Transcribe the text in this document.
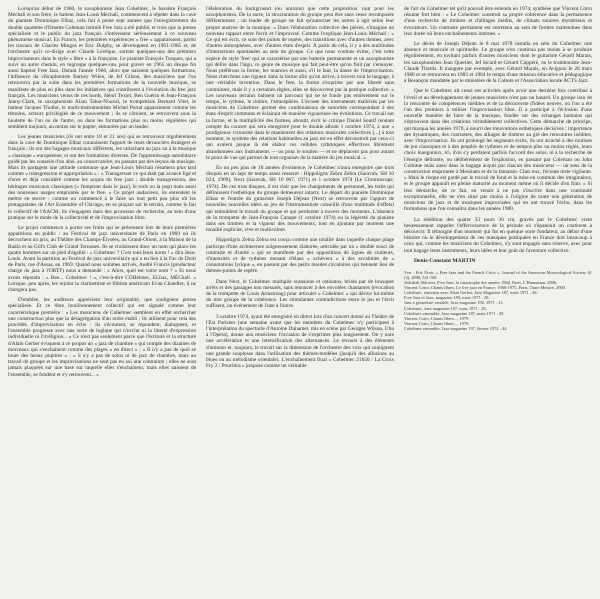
Lorsqu'au début de 1960, le saxophoniste Jean Cohelmec, le bassiste François Méchali et son frère, le batteur Jean-Louis Méchali, commencent à répéter dans la cave du pianiste Dominique Elbaz, cela fait à peine sept années que l'enregistrement du double quartette d'Ornette Coleman intitulé Free Jazz a été publié, et trois que la presse spécialisée et le public du jazz français s'intéressent sérieusement à ce nouveau phénomène musical. En France, les premières expériences « free » apparaissent, parmi les travaux de Charles Mingus et Eric Dolphy, se développent en 1961-1965 et, de l'orchestre qu'il co-dirige avec Claude Lévêque, sortent quelques-uns des premiers improvisateurs dans le style « libre » à la française. Le pianiste François Tusques, qui a suivi un autre chemin, en regroupe quelques-uns pour graver en 1965 un disque fui aussi baptisé Free Jazz. Durant l'année 1966, alors que naissent quelques formations, l'influence du vibraphoniste Barney Wilen, de Jef Gilson, des musiciens que l'on retrouvera par la suite dans les premières formations de la nouvelle musique, se manifeste de plus en plus dans les initiatives qui contribuent à l'évolution du free jazz français. Les musiciens venus de ces bords, Henri Texier, Ben Guérin et Jean-François Jenny-Clark, le saxophoniste Alain Tabar-Nouval, le trompettiste Bernard Vitet, le batteur Jacques Thollot, le multi-instrumentiste Michel Portal apparaissent comme les témoins, acteurs privilégiés de ce mouvement ; ils se côtoient, se retrouvent sous la houlette de l'un ou de l'autre, ou dans les formations plus ou moins régulières qui semblent toujours, au moins sur le papier, entourées par un leader.

Les jeunes musiciens (ils ont entre 18 et 21 ans) qui se retrouvent régulièrement dans la cave de Dominique Elbaz connaissent l'apport de leurs devanciers étrangers et français ; ils ont des bagages musicaux différents, les rattachant au jazz ou à la musique « classique » européenne, et ont des formations diverses. De l'apprentissage autodidacte guidé par les conseils d'un aîné, au conservatoire, en passant par des leçons de musique. Mais ils partagent une attitude commune que Jean-Louis Méchali résumera plus tard comme « transgression et appropriation » : « Transgresser ce qui était par avance figé et d'ores et déjà considéré comme les acquis du free jazz ; double transgression, des héritages musicaux classiques (« l'emprunt dans le jazz), le rock ou la pop) mais aussi des nouveaux usages empruntés par le free. » Ce projet audacieux, ils entendent le mettre en œuvre : comme on commencé à le faire un tout petit peu plus tôt les protagonistes de l'Art Ensemble of Chicago, en se plaçant sur le terrain, comme le fait le collectif de l'AACM, ils s'engagent dans des processus de recherche, au sein d'une pratique sur le mode de la collectivité et de l'improvisation libre.

Le projet commence à porter ses fruits qui se présentent lors de leurs premières apparitions en public : au Festival de jazz universitaire de Paris en 1969 où ils décrochent un prix, au Théâtre des Champs-Élysées, au Grand-Orient, à la Maison de la Radio et au Gill's Club de Grand Terrasses. Ils se choisissent donc un nom qui place les quatre hommes sur un pied d'égalité : « Cohelmec ? C'est tous leurs noms ! » dira Jean-Louis. Avant la partition au Festival de jazz universitaire qui a eu lieu à la Fac de Droit de Paris, rue d'Assas, en 1969. Quand nous sommes arrivés, André Francis (producteur chargé du jazz à l'ORTF) nous a demandé : « Alors, quel est votre nom ? » Et nous avons répondu : « Ben... Cohelmec ! », c'est-à-dire COHelmec, ELbaz, MÉChali. » Lorsque, peu après, les rejoint la clarinettiste et flûtiste américain Evan Chandler, il ne changera pas.

D'emblée, les auditeurs apprécient leur originalité, que soulignent presse spécialisée. Et ce libre bouillonnement collectif qui est signalé comme leur caractéristique première : « Les musiciens de Cohelmec semblent en effet rechercher une construction plus que la désagrégation d'un ordre établi ; ils utilisent pour cela des procédés d'improvisation en écho : ils s'écoutent, se répondent, dialoguent, et l'ensemble progresse avec une sorte de logique qui n'exclut ni la liberté d'expression individuelle ni l'irréligion... » Ce n'est pas seulement parce que l'écriture et la structure d'Alain Gerber évoquent à ce propos un « jazz de chambre » qui compte des dizaines de morceaux qui s'enchaînent comme des plages « en direct » ; « Il n'y a pas de quoi se louer des beaux pupitres » : « il n'y a pas de solos ni de jazz de chambre, mais un travail de groupe et les improvisations ne sont pas en soi une contrainte ; elles ne sont jamais plaquées sur une base sur laquelle elles s'enchaînent, mais elles naissent de l'ensemble, se fondent et s'y retrouvent... »

l'élaboration du background (ou unisons) que cette proposition vaut pour les saxophonistes. De la sorte, la structuration du groupe peut être sans cesse recomposée différemment ; un leader de groupe ne fait qu'autoriser les autres à agir selon leur propre analyse de la musique. « Dans l'élaboration collective des pièces, s'imagine un nouveau rapport entre l'écrit et l'improvisé. Comme l'explique Jean-Louis Méchali : « Ce qui est écrit, ce sont des points de repère, des transitions avec d'autres thèmes, avec d'autres atmosphères, avec d'autres états d'esprit. À partir de cela, il y a des multitudes d'interactions spontanées au sein du groupe. Ce que nous voulons éviter, c'est cette espèce de style 'free' qui se caractérise par une batterie permanente et un saxophoniste qui délire dans l'aigu, ce genre de musique qui fait peut-être qu'on finit par s'ennuyer. Nous préférons la forme, les nuances et aussi, s'il le faut, la danse de l'improvisation. Nous cherchons une rigueur dans la forme afin qu'on arrive, à travers tout le langage, à une véritable invention. Dans le free, la forme s'exprime par une liberté sans contraintes, mais il y a certaines règles, elles se découvrent par la pratique collective. » Les nouveaux terrains balisent un parcours qui ne se fonde pas entièrement sur le tempo, le rythme, le timbre, l'atmosphère. L'écoute des instruments maîtrisés par les musiciens du Cohelmec permet des combinaisons de sonorités correspondant à des états d'esprit communs et éclairant de manière vigoureuse les évolutions. Ce travail sur la forme, et la multiplicité des formes, aboutit, écrit le critique Daniel Soutif rendant compte du concert qui sera enregistré pour le double album 1 octobre 1974, à une « prodigieuse virtuosité dans le maniement des relations musicales collectives [...] à tout moment, le système des relations habituelles au jazz est en effet déconstruit par ceux-ci qui avaient jusque là été élabor ces cellules rythmiques effectives librement abandonnées aux instruments — ou pour le soutien — et ne déplacent pas pour autant le point de vue qui permet de tout organiser de la matière du jeu musical. »

En un peu plus de 18 années d'existence, le Cohelmec n'aura enregistré que trois disques en un laps de temps assez resserré : Hippoligris Zebra Zebra (Saravah, SH 10 024, 1969), Next (Saravah, SH 10 067, 1971) et 1 octobre 1974 (Le Chronoscope, 1974). De ces trois disques, il est clair que les changements de personnel, les traits qui définissent l'esthétique du groupe demeurent intacts. Le départ du pianiste Dominique Elbaz et l'entrée du guitariste Joseph Déjean (Next) se retrouvent par l'apport de nouvelles nouvelles idées au jeu de l'instrumentiste conseillé d'une multitude d'effets) qui redoublent le travail du groupe et qui perdurent à travers des moments. L'absence de la trompette de Jean-François Canape (1 octobre 1974) ou la légèreté du pianiste dans ses timbres et la vigueur des mouvements, tout en ajoutant par moment une tonalité explicite, vive et multicolore.

Hippoligris Zebra Zebra est conçu comme une totalité dans laquelle chaque plage participe d'une architecture soigneusement élaborée, articulée par un « double souci de contraste et d'unité » qui se manifeste par des oppositions de lignes de couleurs, d'intensités et de rythmes menant d'élans » achèvera « à des accalmies de « connotations lyrique », en passant par des petits moules circulaires qui tiennent lieu de thèmes-points de repère.

Dans Next, le Cohelmec multiplie scansions et ostinatos, brisés par de brusques arrêts et des passages non mesurés, sans renoncer à des envolées chantantes (évocation de la trompette de Louis Armstrong) pour articuler « Cohelmec » qui dérive lui-même du mot groupe de la cohérence. Les stimulantes contradictions entre le jeu et l'écrit suffisent, un événement de l'une à l'autre.

3 octobre 1974, ayant été enregistré en direct lors d'un concert donné au Théâtre de l'Est Parisien (une semaine avant que les membres du Cohelmec n'y participent à l'interprétation du spectacle d'Antoine Duhamel, mis en scène par Georges Wilson, Ubu à l'Opéra), donne aux musiciens l'occasion de s'exprimer plus longuement. On y note une accélération et une intensification des alternances. Le recours à des éléments d'unisson et, toujours, le travail sur la dimension de l'orchestre des voix qui soulignent une grande souplesse dans l'utilisation des thèmes-modèles (jusqu'à des allusions au blues ou au mélodisme orientale). L'enchaînement final « Cohelmec 21h50 / La Croix Fry 2 / Pouchtra » propose comme un véritable

de l'art du Cohelmec tel qu'il pouvait être entendu en 1974, synthèse que Vincent Cotro résume fort bien : « Le Cohelmec construit sa propre cohérence dans la permanence d'une recherche de timbres et d'alliages inédits, de climats sonores mystérieux et évocateurs. Un contraste permanent est entretenu au sein de formes inattendues dans leur durée où leurs enchaînements internes. »

Le décès de Joseph Déjean le 8 mai 1978 installa en sein du Cohelmec une absence et musicale et spirituelle. Le groupe n'en continua pas moins à se produire régulièrement, en invitant parfois d'autres musiciens dont le guitariste Gérard Marais, les saxophonistes Jean Querlier, Jef Sicard et Gérard Coppéré, ou le tromboniste Jean-Claude Tirards. Il inaugure par exemple, avec Gérard Marais, en Avignon le 28 mars 1980 et se retrouvera en 1983 et 1984 le temps d'une mission éducative et pédagogique à Besançon mandatée par le ministère de la Culture et l'Association locale ACTS Jazz.

Que le Cohelmec ait cessé ses activités après avoir une dernière fois contribué à l'éveil et au développement de jeunes musiciens n'est pas un hasard. Un groupe issu de la rencontre de compétences inédites et de la découverte d'idées neuves, où l'on a été l'un des premiers à utiliser l'improvisation libre. Il a participé à l'éclosion d'une nouvelle manière de faire de la musique, fondée sur des échanges humains qui s'éprouvent dans des créations véritablement collectives. Cette démarche de principe, qui marqua les années 1970, à nourri des innovations esthétiques décisives : importance des dynamiques, des contrastes, des alliages de timbres au gré des rencontres inédites, avec l'improvisation. Ils ont prolongé les segments écrits, ils ont arraché à des routines de jeu classiques et à des peuplés de rythmes et de tempos plus ou moins réglés, leurs choix inauguraux, ici, d'où s'y perdaient parfois l'accord des solos, ni à la recherche de l'énergie délirante, ou délibérément de l'explosion, en passant par Coleman ou John Coltrane mais aussi dans le bagage acquis par chacun des musiciens — un sens de la construction empruntée à Messiaen et de la fantaisie. Chez eux, l'écoute reste vigilante. « Mais le risque est gardé par le travail de fond et la mise en commun des imaginaires, et le groupe apparaît en pleine maturité au moment même où il décide d'en finir. » Si leur démarche, de ce fait, en venait à ne pas s'inscrire dans une continuité exceptionnelle, elle ne s'en situe pas moins à l'origine de toute une génération de musiciens de jazz et de musiques improvisées qui en ont trouvé l'écho, dans les formations que l'on connaîtra dans les années 1980.

La réédition des quatre 33 tours 30 cm, gravés par le Cohelmec vient heureusement rappeler l'effervescence de la période où s'épanouit un continent à découvrir. Il témoigne d'un moment qui fut en quelque sorte fondateur, au début d'une histoire où le développement de ces musiques pratiquées en France doit beaucoup à ceux qui, comme les musiciens du Cohelmec, s'y sont engagés sans réserve, avec pour tout bagage leurs instruments, leurs idées et leur goût de l'aventure collective.

Denis-Constant MARTIN

Voir : Eric Drott, « Free Jazz and the French Critic », Journal of the American Musicological Society 61 (3), 2008, 541-581.
Jedediah Sklower, Free Jazz, la catastrophe des années 1960, Paris, L'Harmattan, 2006.
Vincent Cotro, Chants libres. Le free jazz en France, 1960-1975, Paris, Outre Mesure, 2000.
Cohelmec, entretien avec Alain Gerber, Jazz Magazine 187, mars 1971 : 26.
Free Jazz et Jazz, magazine 180, mars 1971 : 28.
Jazz à géométrie variable, Jazz magazine 192, 1971 : 11.
Cohelmec, Jazz magazine 197, mars 1971 : 28.
Cohelmec ensemble, Jazz magazine 187, mars 1971 : 29.
Vincent Cotro, Chants libres..., 1979.
Vincent Cotro, Chants libres..., 1979.
Cohelmec ensemble, Jazz magazine 197, février 1972 : 44.
